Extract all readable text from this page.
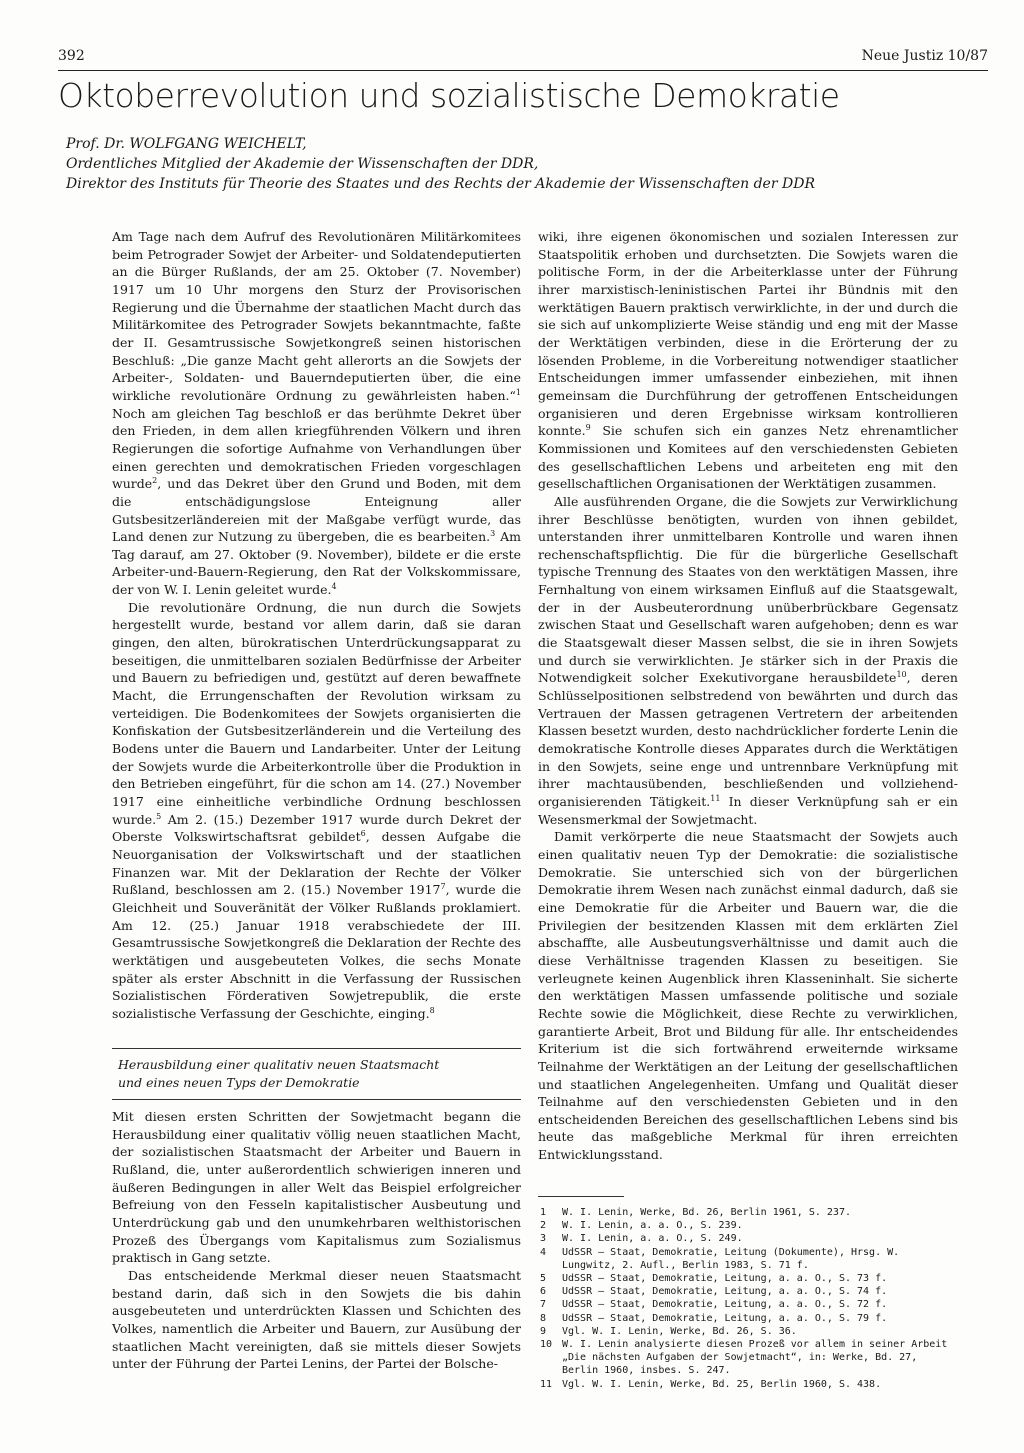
392	Neue Justiz 10/87
Oktoberrevolution und sozialistische Demokratie
Prof. Dr. WOLFGANG WEICHELT,
Ordentliches Mitglied der Akademie der Wissenschaften der DDR,
Direktor des Instituts für Theorie des Staates und des Rechts der Akademie der Wissenschaften der DDR

Am Tage nach dem Aufruf des Revolutionären Militärkomitees beim Petrograder Sowjet der Arbeiter- und Soldatendeputierten an die Bürger Rußlands, der am 25. Oktober (7. November) 1917 um 10 Uhr morgens den Sturz der Provisorischen Regierung und die Übernahme der staatlichen Macht durch das Militärkomitee des Petrograder Sowjets bekanntmachte, faßte der II. Gesamtrussische Sowjetkongreß seinen historischen Beschluß: „Die ganze Macht geht allerorts an die Sowjets der Arbeiter-, Soldaten- und Bauerndeputierten über, die eine wirkliche revolutionäre Ordnung zu gewährleisten haben.“$^1$ Noch am gleichen Tag beschloß er das berühmte Dekret über den Frieden, in dem allen kriegführenden Völkern und ihren Regierungen die sofortige Aufnahme von Verhandlungen über einen gerechten und demokratischen Frieden vorgeschlagen wurde$^2$, und das Dekret über den Grund und Boden, mit dem die entschädigungslose Enteignung aller Gutsbesitzerländereien mit der Maßgabe verfügt wurde, das Land denen zur Nutzung zu übergeben, die es bearbeiten.$^3$ Am Tag darauf, am 27. Oktober (9. November), bildete er die erste Arbeiter-und-Bauern-Regierung, den Rat der Volkskommissare, der von W. I. Lenin geleitet wurde.$^4$

Die revolutionäre Ordnung, die nun durch die Sowjets hergestellt wurde, bestand vor allem darin, daß sie daran gingen, den alten, bürokratischen Unterdrückungsapparat zu beseitigen, die unmittelbaren sozialen Bedürfnisse der Arbeiter und Bauern zu befriedigen und, gestützt auf deren bewaffnete Macht, die Errungenschaften der Revolution wirksam zu verteidigen. Die Bodenkomitees der Sowjets organisierten die Konfiskation der Gutsbesitzerländerein und die Verteilung des Bodens unter die Bauern und Landarbeiter. Unter der Leitung der Sowjets wurde die Arbeiterkontrolle über die Produktion in den Betrieben eingeführt, für die schon am 14. (27.) November 1917 eine einheitliche verbindliche Ordnung beschlossen wurde.$^5$ Am 2. (15.) Dezember 1917 wurde durch Dekret der Oberste Volkswirtschaftsrat gebildet$^6$, dessen Aufgabe die Neuorganisation der Volkswirtschaft und der staatlichen Finanzen war. Mit der Deklaration der Rechte der Völker Rußland, beschlossen am 2. (15.) November 1917$^7$, wurde die Gleichheit und Souveränität der Völker Rußlands proklamiert. Am 12. (25.) Januar 1918 verabschiedete der III. Gesamtrussische Sowjetkongreß die Deklaration der Rechte des werktätigen und ausgebeuteten Volkes, die sechs Monate später als erster Abschnitt in die Verfassung der Russischen Sozialistischen Förderativen Sowjetrepublik, die erste sozialistische Verfassung der Geschichte, einging.$^8$

Herausbildung einer qualitativ neuen Staatsmacht
und eines neuen Typs der Demokratie

Mit diesen ersten Schritten der Sowjetmacht begann die Herausbildung einer qualitativ völlig neuen staatlichen Macht, der sozialistischen Staatsmacht der Arbeiter und Bauern in Rußland, die, unter außerordentlich schwierigen inneren und äußeren Bedingungen in aller Welt das Beispiel erfolgreicher Befreiung von den Fesseln kapitalistischer Ausbeutung und Unterdrückung gab und den unumkehrbaren welthistorischen Prozeß des Übergangs vom Kapitalismus zum Sozialismus praktisch in Gang setzte.

Das entscheidende Merkmal dieser neuen Staatsmacht bestand darin, daß sich in den Sowjets die bis dahin ausgebeuteten und unterdrückten Klassen und Schichten des Volkes, namentlich die Arbeiter und Bauern, zur Ausübung der staatlichen Macht vereinigten, daß sie mittels dieser Sowjets unter der Führung der Partei Lenins, der Partei der Bolsche-

wiki, ihre eigenen ökonomischen und sozialen Interessen zur Staatspolitik erhoben und durchsetzten. Die Sowjets waren die politische Form, in der die Arbeiterklasse unter der Führung ihrer marxistisch-leninistischen Partei ihr Bündnis mit den werktätigen Bauern praktisch verwirklichte, in der und durch die sie sich auf unkomplizierte Weise ständig und eng mit der Masse der Werktätigen verbinden, diese in die Erörterung der zu lösenden Probleme, in die Vorbereitung notwendiger staatlicher Entscheidungen immer umfassender einbeziehen, mit ihnen gemeinsam die Durchführung der getroffenen Entscheidungen organisieren und deren Ergebnisse wirksam kontrollieren konnte.$^9$ Sie schufen sich ein ganzes Netz ehrenamtlicher Kommissionen und Komitees auf den verschiedensten Gebieten des gesellschaftlichen Lebens und arbeiteten eng mit den gesellschaftlichen Organisationen der Werktätigen zusammen.

Alle ausführenden Organe, die die Sowjets zur Verwirklichung ihrer Beschlüsse benötigten, wurden von ihnen gebildet, unterstanden ihrer unmittelbaren Kontrolle und waren ihnen rechenschaftspflichtig. Die für die bürgerliche Gesellschaft typische Trennung des Staates von den werktätigen Massen, ihre Fernhaltung von einem wirksamen Einfluß auf die Staatsgewalt, der in der Ausbeuterordnung unüberbrückbare Gegensatz zwischen Staat und Gesellschaft waren aufgehoben; denn es war die Staatsgewalt dieser Massen selbst, die sie in ihren Sowjets und durch sie verwirklichten. Je stärker sich in der Praxis die Notwendigkeit solcher Exekutivorgane herausbildete$^{10}$, deren Schlüsselpositionen selbstredend von bewährten und durch das Vertrauen der Massen getragenen Vertretern der arbeitenden Klassen besetzt wurden, desto nachdrücklicher forderte Lenin die demokratische Kontrolle dieses Apparates durch die Werktätigen in den Sowjets, seine enge und untrennbare Verknüpfung mit ihrer machtausübenden, beschließenden und vollziehend-organisierenden Tätigkeit.$^{11}$ In dieser Verknüpfung sah er ein Wesensmerkmal der Sowjetmacht.

Damit verkörperte die neue Staatsmacht der Sowjets auch einen qualitativ neuen Typ der Demokratie: die sozialistische Demokratie. Sie unterschied sich von der bürgerlichen Demokratie ihrem Wesen nach zunächst einmal dadurch, daß sie eine Demokratie für die Arbeiter und Bauern war, die die Privilegien der besitzenden Klassen mit dem erklärten Ziel abschaffte, alle Ausbeutungsverhältnisse und damit auch die diese Verhältnisse tragenden Klassen zu beseitigen. Sie verleugnete keinen Augenblick ihren Klasseninhalt. Sie sicherte den werktätigen Massen umfassende politische und soziale Rechte sowie die Möglichkeit, diese Rechte zu verwirklichen, garantierte Arbeit, Brot und Bildung für alle. Ihr entscheidendes Kriterium ist die sich fortwährend erweiternde wirksame Teilnahme der Werktätigen an der Leitung der gesellschaftlichen und staatlichen Angelegenheiten. Umfang und Qualität dieser Teilnahme auf den verschiedensten Gebieten und in den entscheidenden Bereichen des gesellschaftlichen Lebens sind bis heute das maßgebliche Merkmal für ihren erreichten Entwicklungsstand.

1	W. I. Lenin, Werke, Bd. 26, Berlin 1961, S. 237.
2	W. I. Lenin, a. a. O., S. 239.
3	W. I. Lenin, a. a. O., S. 249.
4	UdSSR – Staat, Demokratie, Leitung (Dokumente), Hrsg. W. Lungwitz, 2. Aufl., Berlin 1983, S. 71 f.
5	UdSSR – Staat, Demokratie, Leitung, a. a. O., S. 73 f.
6	UdSSR – Staat, Demokratie, Leitung, a. a. O., S. 74 f.
7	UdSSR – Staat, Demokratie, Leitung, a. a. O., S. 72 f.
8	UdSSR – Staat, Demokratie, Leitung, a. a. O., S. 79 f.
9	Vgl. W. I. Lenin, Werke, Bd. 26, S. 36.
10 W. I. Lenin analysierte diesen Prozeß vor allem in seiner Arbeit „Die nächsten Aufgaben der Sowjetmacht“, in: Werke, Bd. 27, Berlin 1960, insbes. S. 247.
11 Vgl. W. I. Lenin, Werke, Bd. 25, Berlin 1960, S. 438.
